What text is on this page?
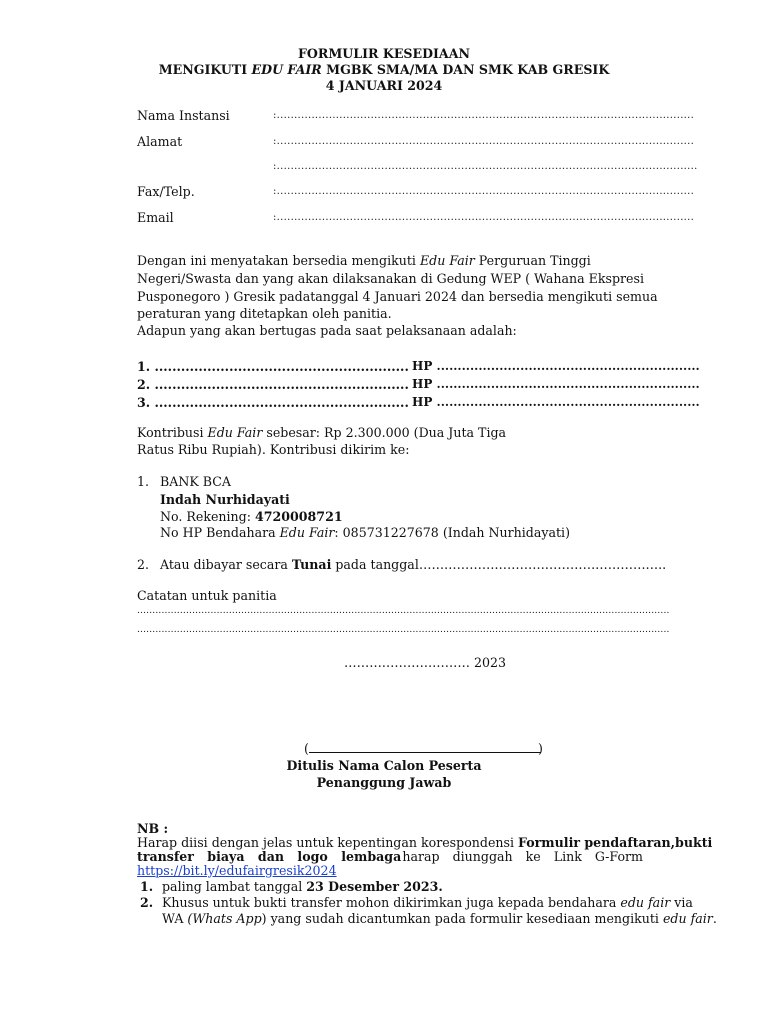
FORMULIR KESEDIAAN
MENGIKUTI EDU FAIR MGBK SMA/MA DAN SMK KAB GRESIK
4 JANUARI 2024
Nama Instansi	:........................................................................................................................
Alamat	:........................................................................................................................
:.........................................................................................................................
Fax/Telp.	:........................................................................................................................
Email	:........................................................................................................................
Dengan ini menyatakan bersedia mengikuti Edu Fair Perguruan Tinggi
Negeri/Swasta dan yang akan dilaksanakan di Gedung WEP ( Wahana Ekspresi
Pusponegoro ) Gresik padatanggal 4 Januari 2024 dan bersedia mengikuti semua
peraturan yang ditetapkan oleh panitia.
Adapun yang akan bertugas pada saat pelaksanaan adalah:
1. .......................................................... HP ...............................................................
2. .......................................................... HP ...............................................................
3. .......................................................... HP ...............................................................
Kontribusi Edu Fair sebesar: Rp 2.300.000 (Dua Juta Tiga
Ratus Ribu Rupiah). Kontribusi dikirim ke:
1. BANK BCA
Indah Nurhidayati
No. Rekening: 4720008721
No HP Bendahara Edu Fair: 085731227678 (Indah Nurhidayati)
2. Atau dibayar secara Tunai pada tanggal…………………………………………………..
Catatan untuk panitia
..............................................................................................................................................................................
..............................................................................................................................................................................
………………………… 2023
(	)
Ditulis Nama Calon Peserta
Penanggung Jawab
NB :
Harap diisi dengan jelas untuk kepentingan korespondensi Formulir pendaftaran,bukti
transfer biaya dan logo lembaga harap diunggah ke Link G-Form
https://bit.ly/edufairgresik2024
1. paling lambat tanggal 23 Desember 2023.
2. Khusus untuk bukti transfer mohon dikirimkan juga kepada bendahara edu fair via
WA (Whats App) yang sudah dicantumkan pada formulir kesediaan mengikuti edu fair.
